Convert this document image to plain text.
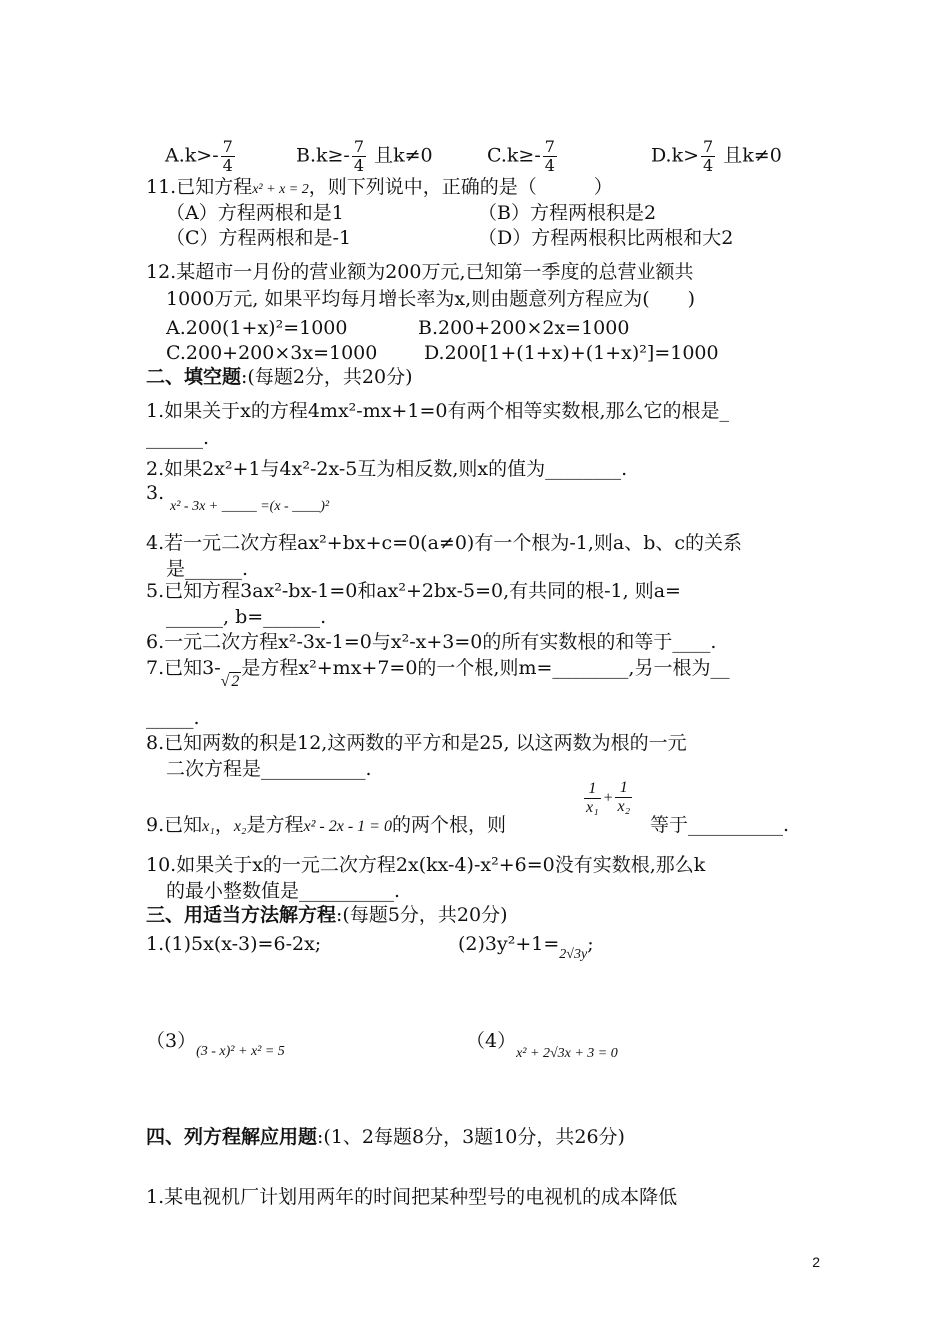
$A.k>- \frac{7}{4}$	$B.k\ge- \frac{7}{4}$ 且k≠0	$C.k\ge- \frac{7}{4}$	$D.k> \frac{7}{4}$ 且k≠0
11.已知方程x² + x = 2，则下列说中，正确的是（　　　）
（A）方程两根和是1	（B）方程两根积是2
（C）方程两根和是-1	（D）方程两根积比两根和大2
12.某超市一月份的营业额为200万元,已知第一季度的总营业额共
1000万元, 如果平均每月增长率为x,则由题意列方程应为(　　)
A.200(1+x)²=1000	B.200+200×2x=1000
C.200+200×3x=1000 D.200[1+(1+x)+(1+x)²]=1000
二、填空题:(每题2分，共20分)
1.如果关于x的方程4mx²-mx+1=0有两个相等实数根,那么它的根是_
______.
2.如果2x²+1与4x²-2x-5互为相反数,则x的值为________.
3.
x² - 3x + _____ =(x - ____)²
4.若一元二次方程ax²+bx+c=0(a≠0)有一个根为-1,则a、b、c的关系
是______.
5.已知方程3ax²-bx-1=0和ax²+2bx-5=0,有共同的根-1, 则a=
______, b=______.
6.一元二次方程x²-3x-1=0与x²-x+3=0的所有实数根的和等于____.
7.已知$3-_{√ 2}$是方程x²+mx+7=0的一个根,则m=________,另一根为__
_____.
8.已知两数的积是12,这两数的平方和是25, 以这两数为根的一元
二次方程是___________.
9.已知x₁，x₂是方程x² - 2x - 1 = 0的两个根，则
$\frac{1}{\text{x₁}} + \frac{1}{\text{x₂}}$
等于__________.
10.如果关于x的一元二次方程2x(kx-4)-x²+6=0没有实数根,那么k
的最小整数值是__________.
三、用适当方法解方程:(每题5分，共20分)
1.(1)5x(x-3)=6-2x;	$(2)3y^2+1=_{2√3y}$;
$(3)_{(3 - x)^2 + x^2 = 5}$	$(4)_{x^2 + 2√3x + 3 = 0}$
四、列方程解应用题:(1、2每题8分，3题10分，共26分)
1.某电视机厂计划用两年的时间把某种型号的电视机的成本降低
2
